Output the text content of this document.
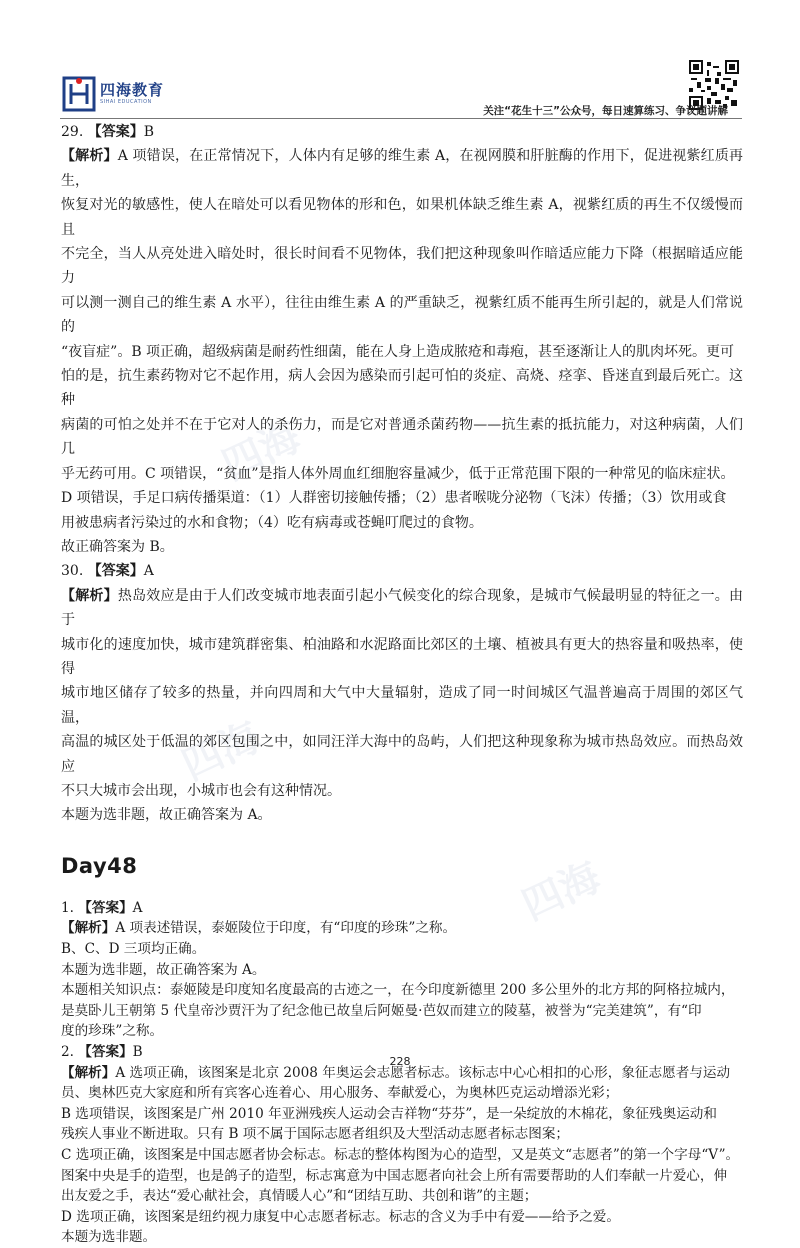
四海教育
SIHAI EDUCATION
关注“花生十三”公众号，每日速算练习、争议题讲解
四海
四海
四海

29. 【答案】B

【解析】A 项错误，在正常情况下，人体内有足够的维生素 A，在视网膜和肝脏酶的作用下，促进视紫红质再生，

恢复对光的敏感性，使人在暗处可以看见物体的形和色，如果机体缺乏维生素 A，视紫红质的再生不仅缓慢而且

不完全，当人从亮处进入暗处时，很长时间看不见物体，我们把这种现象叫作暗适应能力下降（根据暗适应能力

可以测一测自己的维生素 A 水平），往往由维生素 A 的严重缺乏，视紫红质不能再生所引起的，就是人们常说的

“夜盲症”。B 项正确，超级病菌是耐药性细菌，能在人身上造成脓疮和毒疱，甚至逐渐让人的肌肉坏死。更可

怕的是，抗生素药物对它不起作用，病人会因为感染而引起可怕的炎症、高烧、痉挛、昏迷直到最后死亡。这种

病菌的可怕之处并不在于它对人的杀伤力，而是它对普通杀菌药物——抗生素的抵抗能力，对这种病菌，人们几

乎无药可用。C 项错误，“贫血”是指人体外周血红细胞容量减少，低于正常范围下限的一种常见的临床症状。

D 项错误，手足口病传播渠道：（1）人群密切接触传播；（2）患者喉咙分泌物（飞沫）传播；（3）饮用或食

用被患病者污染过的水和食物；（4）吃有病毒或苍蝇叮爬过的食物。

故正确答案为 B。

30. 【答案】A

【解析】热岛效应是由于人们改变城市地表面引起小气候变化的综合现象，是城市气候最明显的特征之一。由于

城市化的速度加快，城市建筑群密集、柏油路和水泥路面比郊区的土壤、植被具有更大的热容量和吸热率，使得

城市地区储存了较多的热量，并向四周和大气中大量辐射，造成了同一时间城区气温普遍高于周围的郊区气温，

高温的城区处于低温的郊区包围之中，如同汪洋大海中的岛屿，人们把这种现象称为城市热岛效应。而热岛效应

不只大城市会出现，小城市也会有这种情况。

本题为选非题，故正确答案为 A。

Day48

1. 【答案】A

【解析】A 项表述错误，泰姬陵位于印度，有“印度的珍珠”之称。

B、C、D 三项均正确。

本题为选非题，故正确答案为 A。

本题相关知识点：泰姬陵是印度知名度最高的古迹之一，在今印度新德里 200 多公里外的北方邦的阿格拉城内，

是莫卧儿王朝第 5 代皇帝沙贾汗为了纪念他已故皇后阿姬曼·芭奴而建立的陵墓，被誉为“完美建筑”，有“印

度的珍珠”之称。

2. 【答案】B

【解析】A 选项正确，该图案是北京 2008 年奥运会志愿者标志。该标志中心心相扣的心形，象征志愿者与运动

员、奥林匹克大家庭和所有宾客心连着心、用心服务、奉献爱心，为奥林匹克运动增添光彩；

B 选项错误，该图案是广州 2010 年亚洲残疾人运动会吉祥物“芬芬”，是一朵绽放的木棉花，象征残奥运动和

残疾人事业不断进取。只有 B 项不属于国际志愿者组织及大型活动志愿者标志图案；

C 选项正确，该图案是中国志愿者协会标志。标志的整体构图为心的造型，又是英文“志愿者”的第一个字母“V”。

图案中央是手的造型，也是鸽子的造型，标志寓意为中国志愿者向社会上所有需要帮助的人们奉献一片爱心，伸

出友爱之手，表达“爱心献社会，真情暖人心”和“团结互助、共创和谐”的主题；

D 选项正确，该图案是纽约视力康复中心志愿者标志。标志的含义为手中有爱——给予之爱。

本题为选非题。

228
